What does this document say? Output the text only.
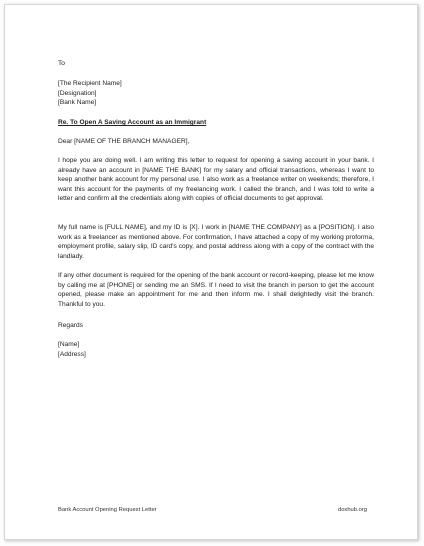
To
[The Recipient Name]
[Designation]
[Bank Name]
Re. To Open A Saving Account as an Immigrant
Dear [NAME OF THE BRANCH MANAGER],
I hope you are doing well. I am writing this letter to request for opening a saving account in your bank. I already have an account in [NAME THE BANK] for my salary and official transactions, whereas I want to keep another bank account for my personal use. I also work as a freelance writer on weekends; therefore, I want this account for the payments of my freelancing work. I called the branch, and I was told to write a letter and confirm all the credentials along with copies of official documents to get approval.
My full name is [FULL NAME], and my ID is [X]. I work in [NAME THE COMPANY] as a [POSITION]. I also work as a freelancer as mentioned above. For confirmation, I have attached a copy of my working proforma, employment profile, salary slip, ID card's copy, and postal address along with a copy of the contract with the landlady.
If any other document is required for the opening of the bank account or record-keeping, please let me know by calling me at [PHONE] or sending me an SMS. If I need to visit the branch in person to get the account opened, please make an appointment for me and then inform me. I shall delightedly visit the branch. Thankful to you.
Regards
[Name]
[Address]
Bank Account Opening Request Letter	doxhub.org
